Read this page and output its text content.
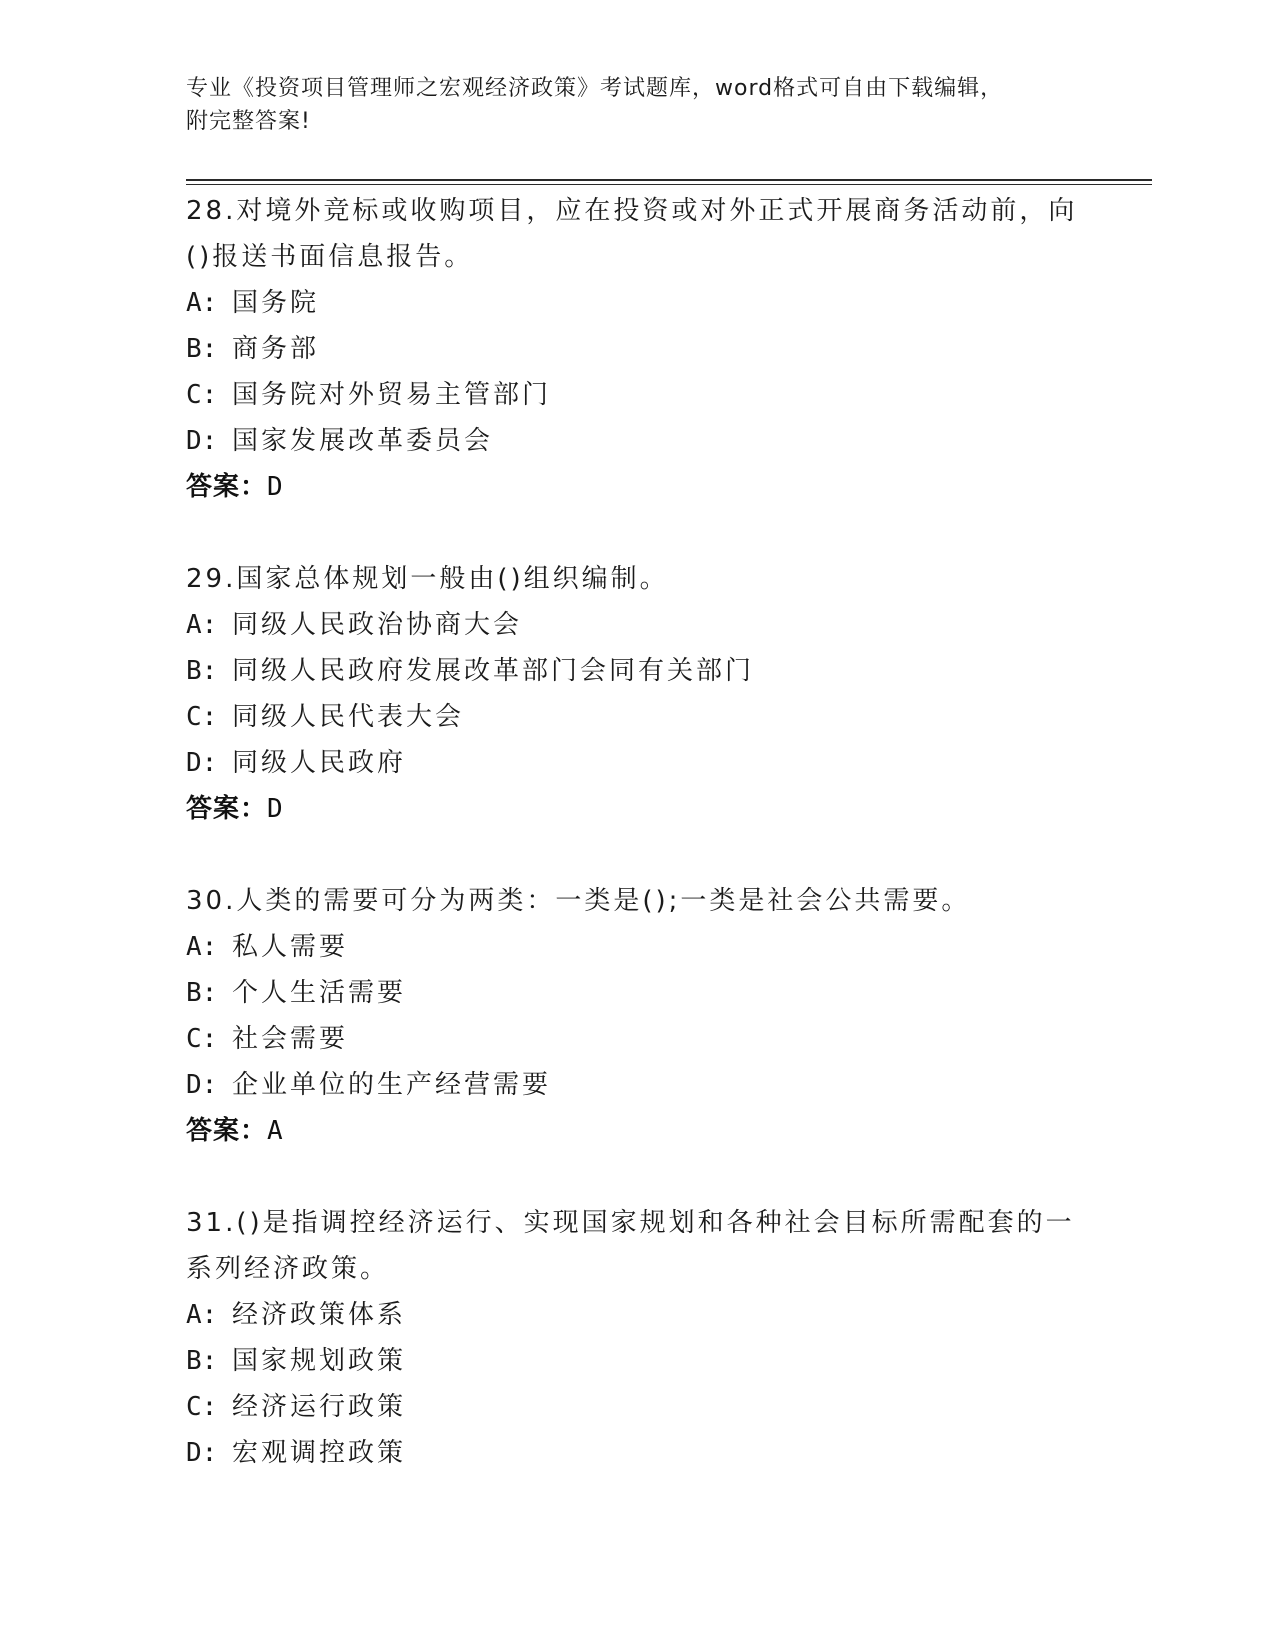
专业《投资项目管理师之宏观经济政策》考试题库，word格式可自由下载编辑，
附完整答案!
28.对境外竞标或收购项目，应在投资或对外正式开展商务活动前，向
()报送书面信息报告。
A: 国务院
B: 商务部
C: 国务院对外贸易主管部门
D: 国家发展改革委员会
答案：D
29.国家总体规划一般由()组织编制。
A: 同级人民政治协商大会
B: 同级人民政府发展改革部门会同有关部门
C: 同级人民代表大会
D: 同级人民政府
答案：D
30.人类的需要可分为两类：一类是();一类是社会公共需要。
A: 私人需要
B: 个人生活需要
C: 社会需要
D: 企业单位的生产经营需要
答案：A
31.()是指调控经济运行、实现国家规划和各种社会目标所需配套的一
系列经济政策。
A: 经济政策体系
B: 国家规划政策
C: 经济运行政策
D: 宏观调控政策
